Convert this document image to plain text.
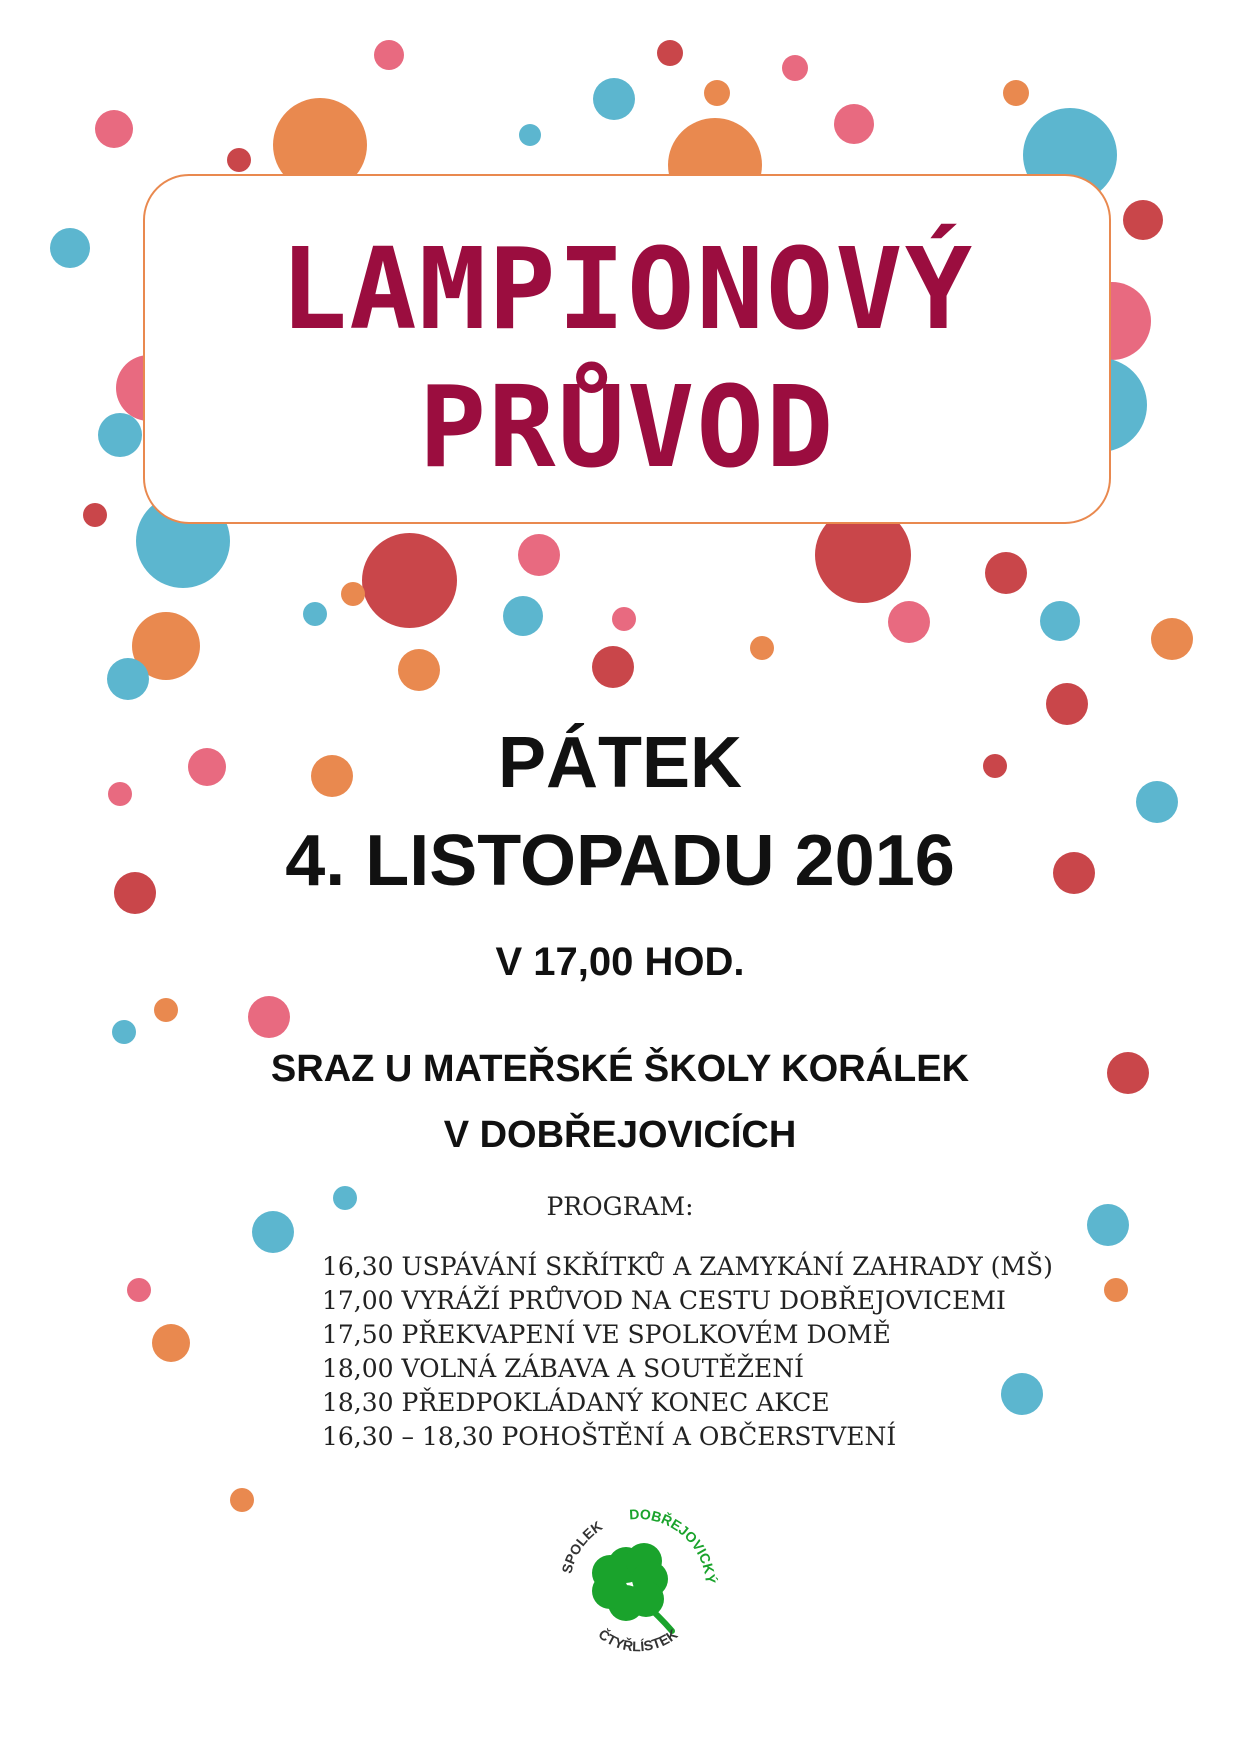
LAMPIONOVÝ
PRŮVOD
PÁTEK
4. LISTOPADU 2016
V 17,00 HOD.
SRAZ U MATEŘSKÉ ŠKOLY KORÁLEK
V DOBŘEJOVICÍCH
PROGRAM:
16,30 USPÁVÁNÍ SKŘÍTKŮ A ZAMYKÁNÍ ZAHRADY (MŠ)
17,00 VYRÁŽÍ PRŮVOD NA CESTU DOBŘEJOVICEMI
17,50 PŘEKVAPENÍ VE SPOLKOVÉM DOMĚ
18,00 VOLNÁ ZÁBAVA A SOUTĚŽENÍ
18,30 PŘEDPOKLÁDANÝ KONEC AKCE
16,30 – 18,30 POHOŠTĚNÍ A OBČERSTVENÍ
SPOLEK
DOBŘEJOVICKÝ
ČTYŘLÍSTEK
